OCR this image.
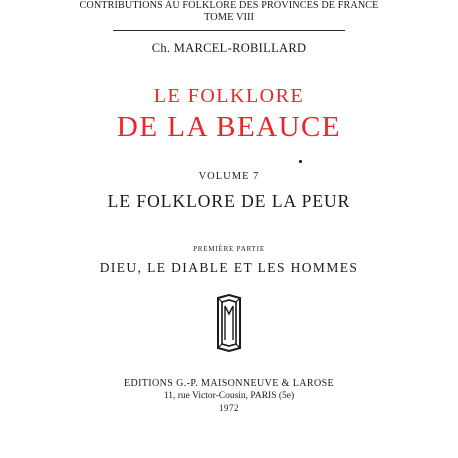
CONTRIBUTIONS AU FOLKLORE DES PROVINCES DE FRANCE
TOME VIII
Ch. MARCEL-ROBILLARD
LE FOLKLORE
DE LA BEAUCE
VOLUME 7
LE FOLKLORE DE LA PEUR
PREMIÈRE PARTIE
DIEU, LE DIABLE ET LES HOMMES
EDITIONS G.-P. MAISONNEUVE & LAROSE
11, rue Victor-Cousin, PARIS (5e)
1972
